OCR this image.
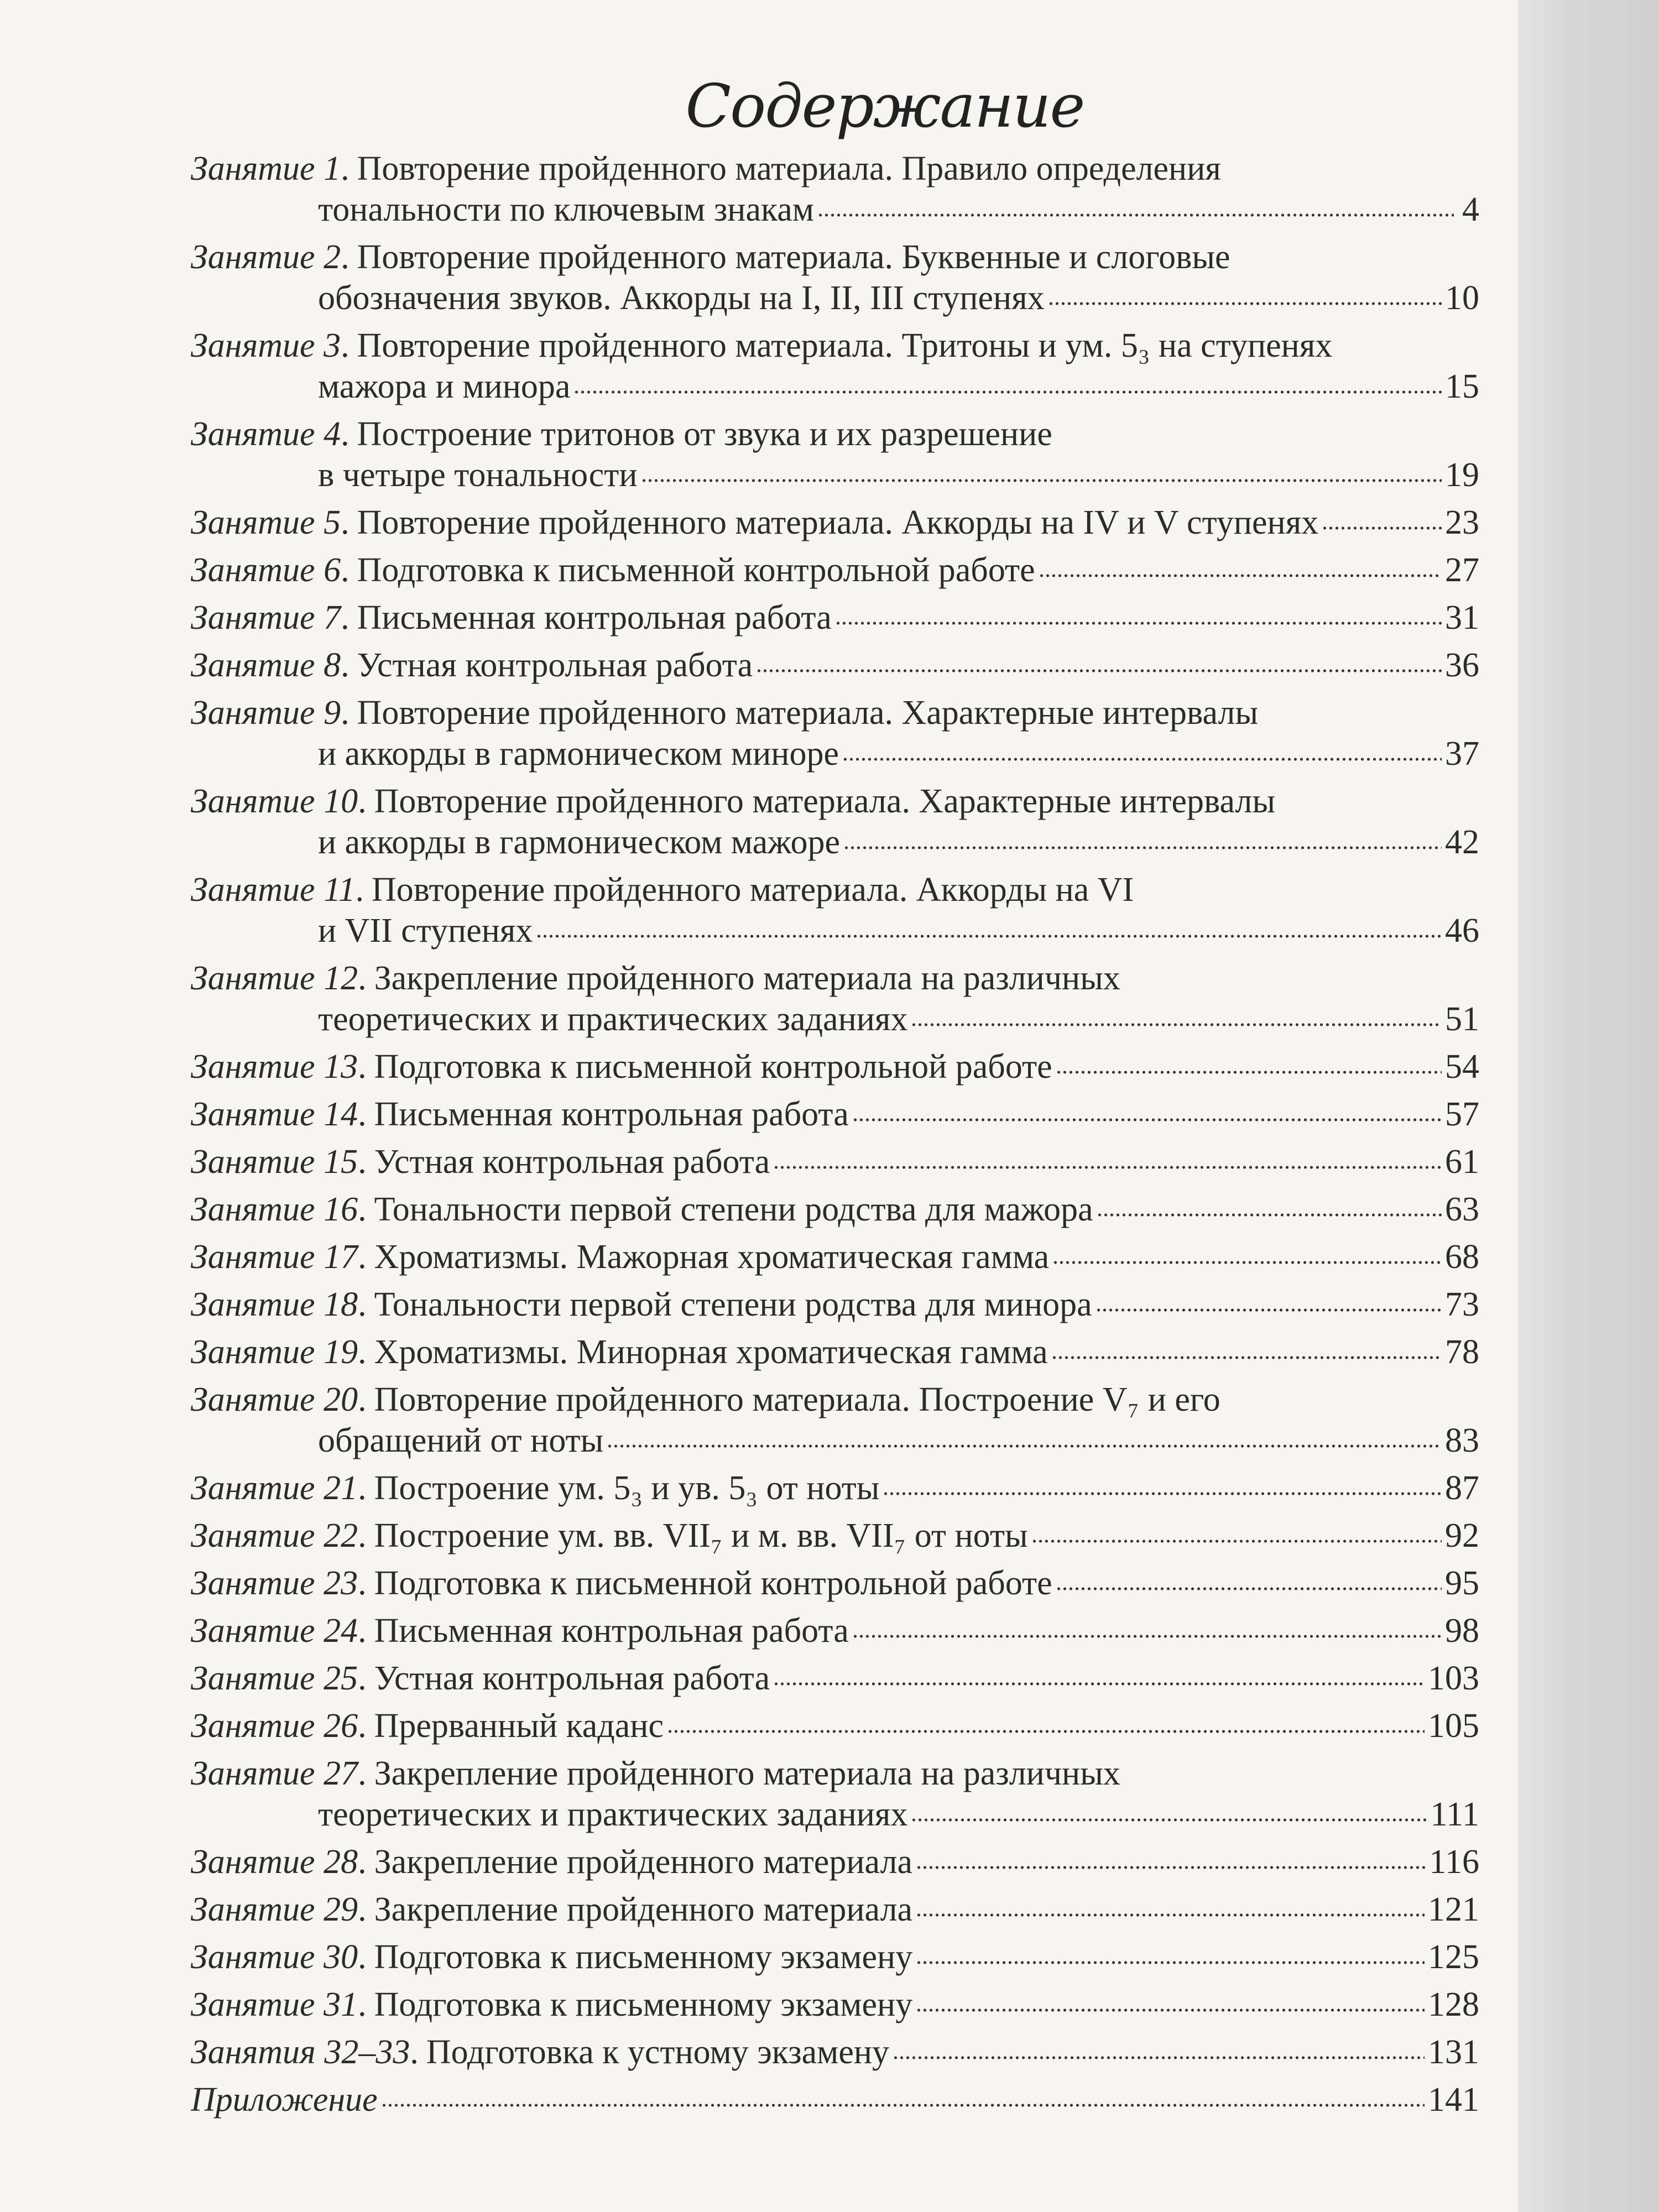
Содержание
Занятие 1 . Повторение пройденного материала. Правило определения
тональности по ключевым знакам	4
Занятие 2 . Повторение пройденного материала. Буквенные и слоговые
обозначения звуков. Аккорды на I, II, III ступенях	10
Занятие 3 . Повторение пройденного материала. Тритоны и ум. 5₃ на ступенях
мажора и минора	15
Занятие 4 . Построение тритонов от звука и их разрешение
в четыре тональности	19
Занятие 5 . Повторение пройденного материала. Аккорды на IV и V ступенях	23
Занятие 6 . Подготовка к письменной контрольной работе	27
Занятие 7 . Письменная контрольная работа	31
Занятие 8 . Устная контрольная работа	36
Занятие 9 . Повторение пройденного материала. Характерные интервалы
и аккорды в гармоническом миноре	37
Занятие 10 . Повторение пройденного материала. Характерные интервалы
и аккорды в гармоническом мажоре	42
Занятие 11 . Повторение пройденного материала. Аккорды на VI
и VII ступенях	46
Занятие 12 . Закрепление пройденного материала на различных
теоретических и практических заданиях	51
Занятие 13 . Подготовка к письменной контрольной работе	54
Занятие 14 . Письменная контрольная работа	57
Занятие 15 . Устная контрольная работа	61
Занятие 16 . Тональности первой степени родства для мажора	63
Занятие 17 . Хроматизмы. Мажорная хроматическая гамма	68
Занятие 18 . Тональности первой степени родства для минора	73
Занятие 19 . Хроматизмы. Минорная хроматическая гамма	78
Занятие 20 . Повторение пройденного материала. Построение V₇ и его
обращений от ноты	83
Занятие 21 . Построение ум. 5₃ и ув. 5₃ от ноты	87
Занятие 22 . Построение ум. вв. VII₇ и м. вв. VII₇ от ноты	92
Занятие 23 . Подготовка к письменной контрольной работе	95
Занятие 24 . Письменная контрольная работа	98
Занятие 25 . Устная контрольная работа	103
Занятие 26 . Прерванный каданс	105
Занятие 27 . Закрепление пройденного материала на различных
теоретических и практических заданиях	111
Занятие 28 . Закрепление пройденного материала	116
Занятие 29 . Закрепление пройденного материала	121
Занятие 30 . Подготовка к письменному экзамену	125
Занятие 31 . Подготовка к письменному экзамену	128
Занятия 32–33 . Подготовка к устному экзамену	131
Приложение	141
